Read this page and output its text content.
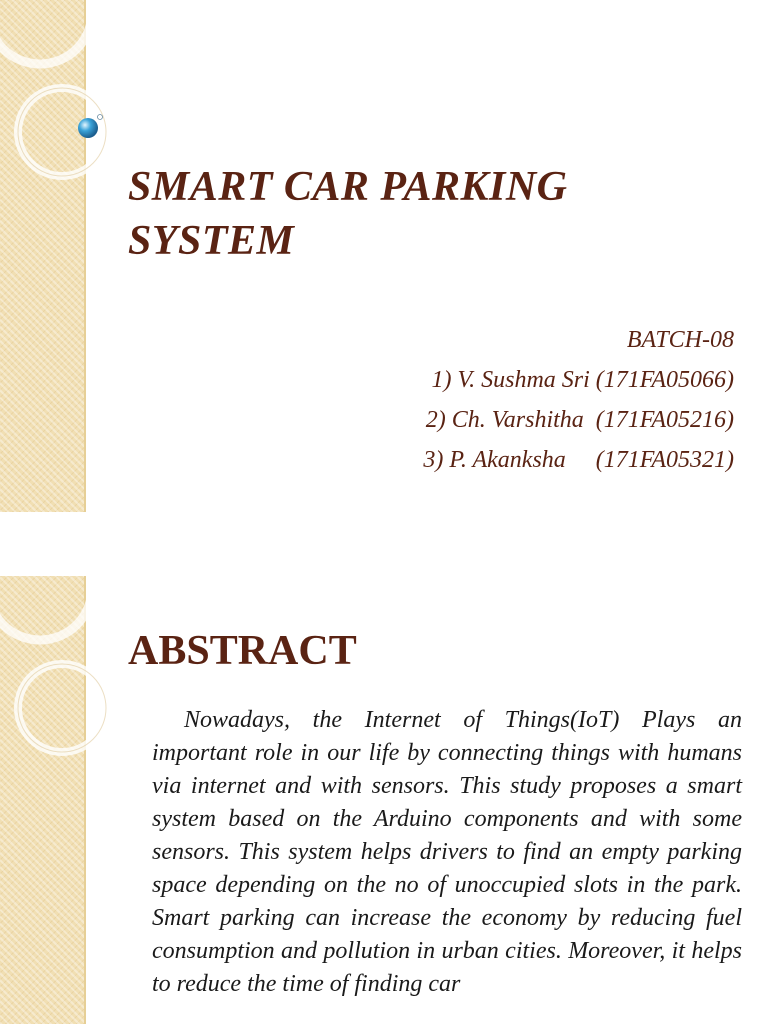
SMART CAR PARKING
SYSTEM
BATCH-08
1) V. Sushma Sri (171FA05066)
2) Ch. Varshitha  (171FA05216)
3) P. Akanksha     (171FA05321)
ABSTRACT

Nowadays, the Internet of Things(IoT) Plays an important role in our life by connecting things with humans via internet and with sensors. This study proposes a smart system based on the Arduino components and with some sensors. This system helps drivers to find an empty parking space depending on the no of unoccupied slots in the park. Smart parking can increase the economy by reducing fuel consumption and pollution in urban cities. Moreover, it helps to reduce the time of finding car
